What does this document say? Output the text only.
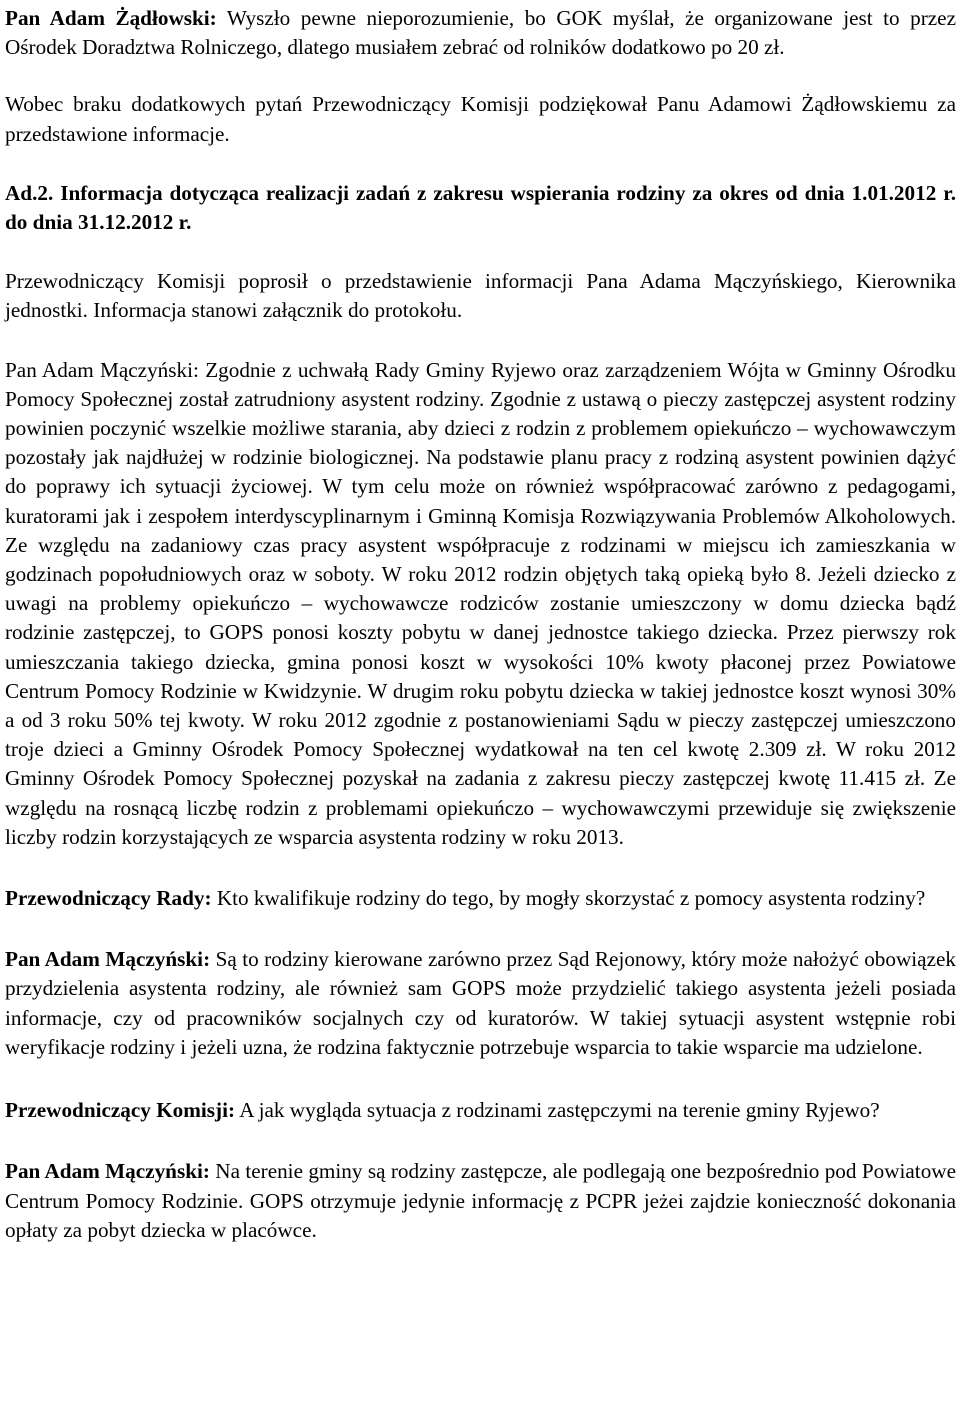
Pan Adam Żądłowski: Wyszło pewne nieporozumienie, bo GOK myślał, że organizowane jest to przez Ośrodek Doradztwa Rolniczego, dlatego musiałem zebrać od rolników dodatkowo po 20 zł.

Wobec braku dodatkowych pytań Przewodniczący Komisji podziękował Panu Adamowi Żądłowskiemu za przedstawione informacje.

Ad.2. Informacja dotycząca realizacji zadań z zakresu wspierania rodziny za okres od dnia 1.01.2012 r. do dnia 31.12.2012 r.

Przewodniczący Komisji poprosił o przedstawienie informacji Pana Adama Mączyńskiego, Kierownika jednostki. Informacja stanowi załącznik do protokołu.

Pan Adam Mączyński: Zgodnie z uchwałą Rady Gminy Ryjewo oraz zarządzeniem Wójta w Gminny Ośrodku Pomocy Społecznej został zatrudniony asystent rodziny. Zgodnie z ustawą o pieczy zastępczej asystent rodziny powinien poczynić wszelkie możliwe starania, aby dzieci z rodzin z problemem opiekuńczo – wychowawczym pozostały jak najdłużej w rodzinie biologicznej. Na podstawie planu pracy z rodziną asystent powinien dążyć do poprawy ich sytuacji życiowej. W tym celu może on również współpracować zarówno z pedagogami, kuratorami jak i zespołem interdyscyplinarnym i Gminną Komisja Rozwiązywania Problemów Alkoholowych. Ze względu na zadaniowy czas pracy asystent współpracuje z rodzinami w miejscu ich zamieszkania w godzinach popołudniowych oraz w soboty. W roku 2012 rodzin objętych taką opieką było 8. Jeżeli dziecko z uwagi na problemy opiekuńczo – wychowawcze rodziców zostanie umieszczony w domu dziecka bądź rodzinie zastępczej, to GOPS ponosi koszty pobytu w danej jednostce takiego dziecka. Przez pierwszy rok umieszczania takiego dziecka, gmina ponosi koszt w wysokości 10% kwoty płaconej przez Powiatowe Centrum Pomocy Rodzinie w Kwidzynie. W drugim roku pobytu dziecka w takiej jednostce koszt wynosi 30% a od 3 roku 50% tej kwoty. W roku 2012 zgodnie z postanowieniami Sądu w pieczy zastępczej umieszczono troje dzieci a Gminny Ośrodek Pomocy Społecznej wydatkował na ten cel kwotę 2.309 zł. W roku 2012 Gminny Ośrodek Pomocy Społecznej pozyskał na zadania z zakresu pieczy zastępczej kwotę 11.415 zł. Ze względu na rosnącą liczbę rodzin z problemami opiekuńczo – wychowawczymi przewiduje się zwiększenie liczby rodzin korzystających ze wsparcia asystenta rodziny w roku 2013.

Przewodniczący Rady: Kto kwalifikuje rodziny do tego, by mogły skorzystać z pomocy asystenta rodziny?

Pan Adam Mączyński: Są to rodziny kierowane zarówno przez Sąd Rejonowy, który może nałożyć obowiązek przydzielenia asystenta rodziny, ale również sam GOPS może przydzielić takiego asystenta jeżeli posiada informacje, czy od pracowników socjalnych czy od kuratorów. W takiej sytuacji asystent wstępnie robi weryfikacje rodziny i jeżeli uzna, że rodzina faktycznie potrzebuje wsparcia to takie wsparcie ma udzielone.

Przewodniczący Komisji: A jak wygląda sytuacja z rodzinami zastępczymi na terenie gminy Ryjewo?

Pan Adam Mączyński: Na terenie gminy są rodziny zastępcze, ale podlegają one bezpośrednio pod Powiatowe Centrum Pomocy Rodzinie. GOPS otrzymuje jedynie informację z PCPR jeżei zajdzie konieczność dokonania opłaty za pobyt dziecka w placówce.
